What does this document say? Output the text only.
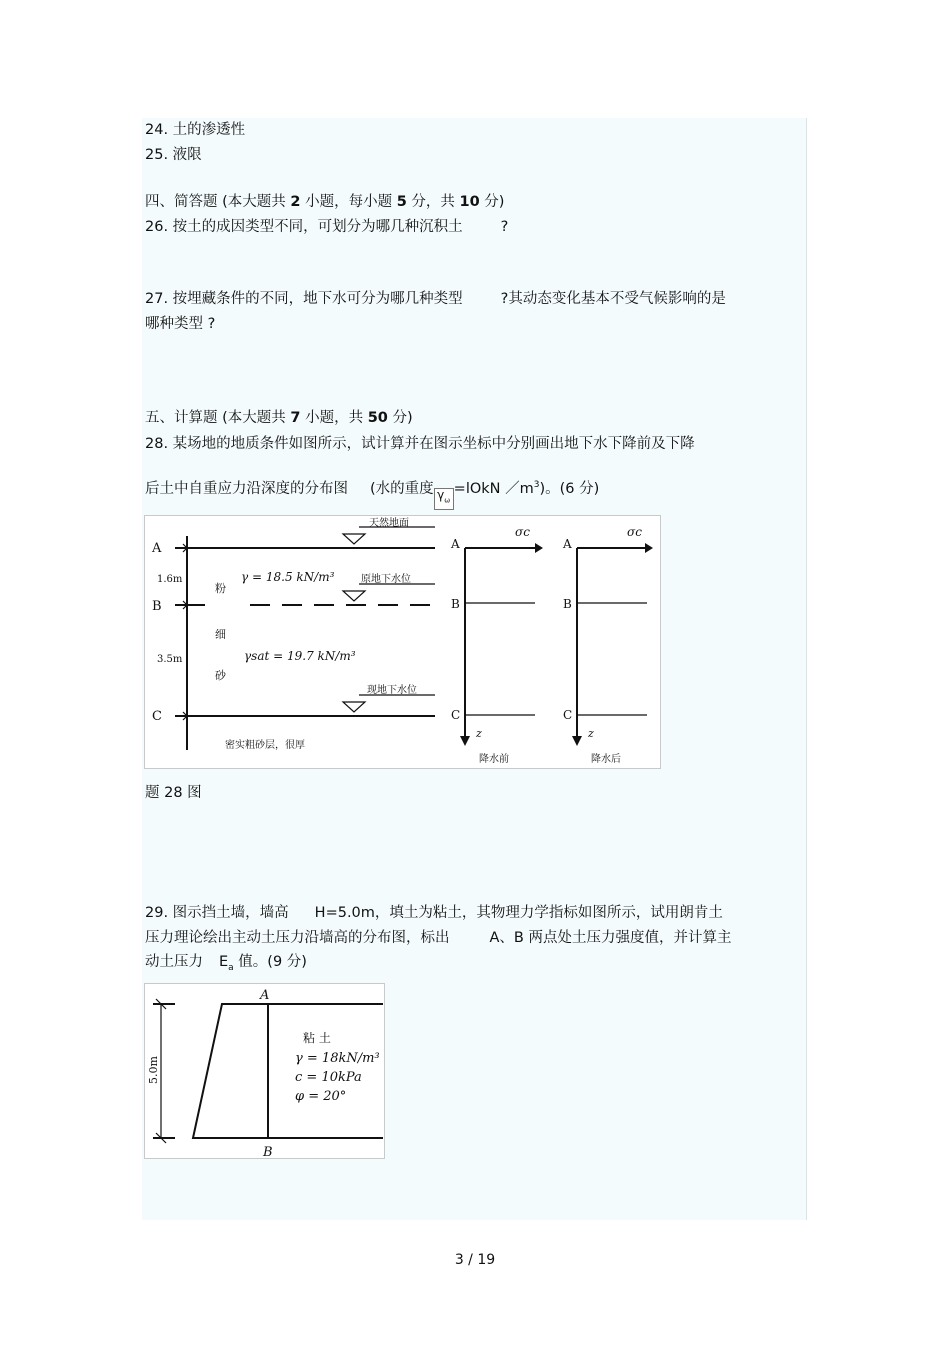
24. 土的渗透性
25. 液限
四、简答题 (本大题共 2 小题，每小题 5 分，共 10 分)
26. 按土的成因类型不同，可划分为哪几种沉积土	?
27. 按埋藏条件的不同，地下水可分为哪几种类型	?其动态变化基本不受气候影响的是
哪种类型 ?
五、计算题 (本大题共 7 小题，共 50 分)
28. 某场地的地质条件如图所示，试计算并在图示坐标中分别画出地下水下降前及下降
后土中自重应力沿深度的分布图 (水的重度 $\gamma_\omega=lOkN$ $/m^3$)。(6 分)
A
B
C
1.6m
3.5m
粉
细
砂
γ = 18.5 kN/m³
γsat = 19.7 kN/m³
天然地面
原地下水位
现地下水位
密实粗砂层，很厚
A
B
C
σc
z
降水前
A
B
C
σc
z
降水后
题 28 图
29. 图示挡土墙，墙高 H=5.0m，填土为粘土，其物理力学指标如图所示，试用朗肯土
压力理论绘出主动土压力沿墙高的分布图，标出	A、B 两点处土压力强度值，并计算主
动土压力 $E_a$ 值。(9 分)
A
B
5.0m
粘 土
γ = 18kN/m³
c = 10kPa
φ = 20°
3 / 19
